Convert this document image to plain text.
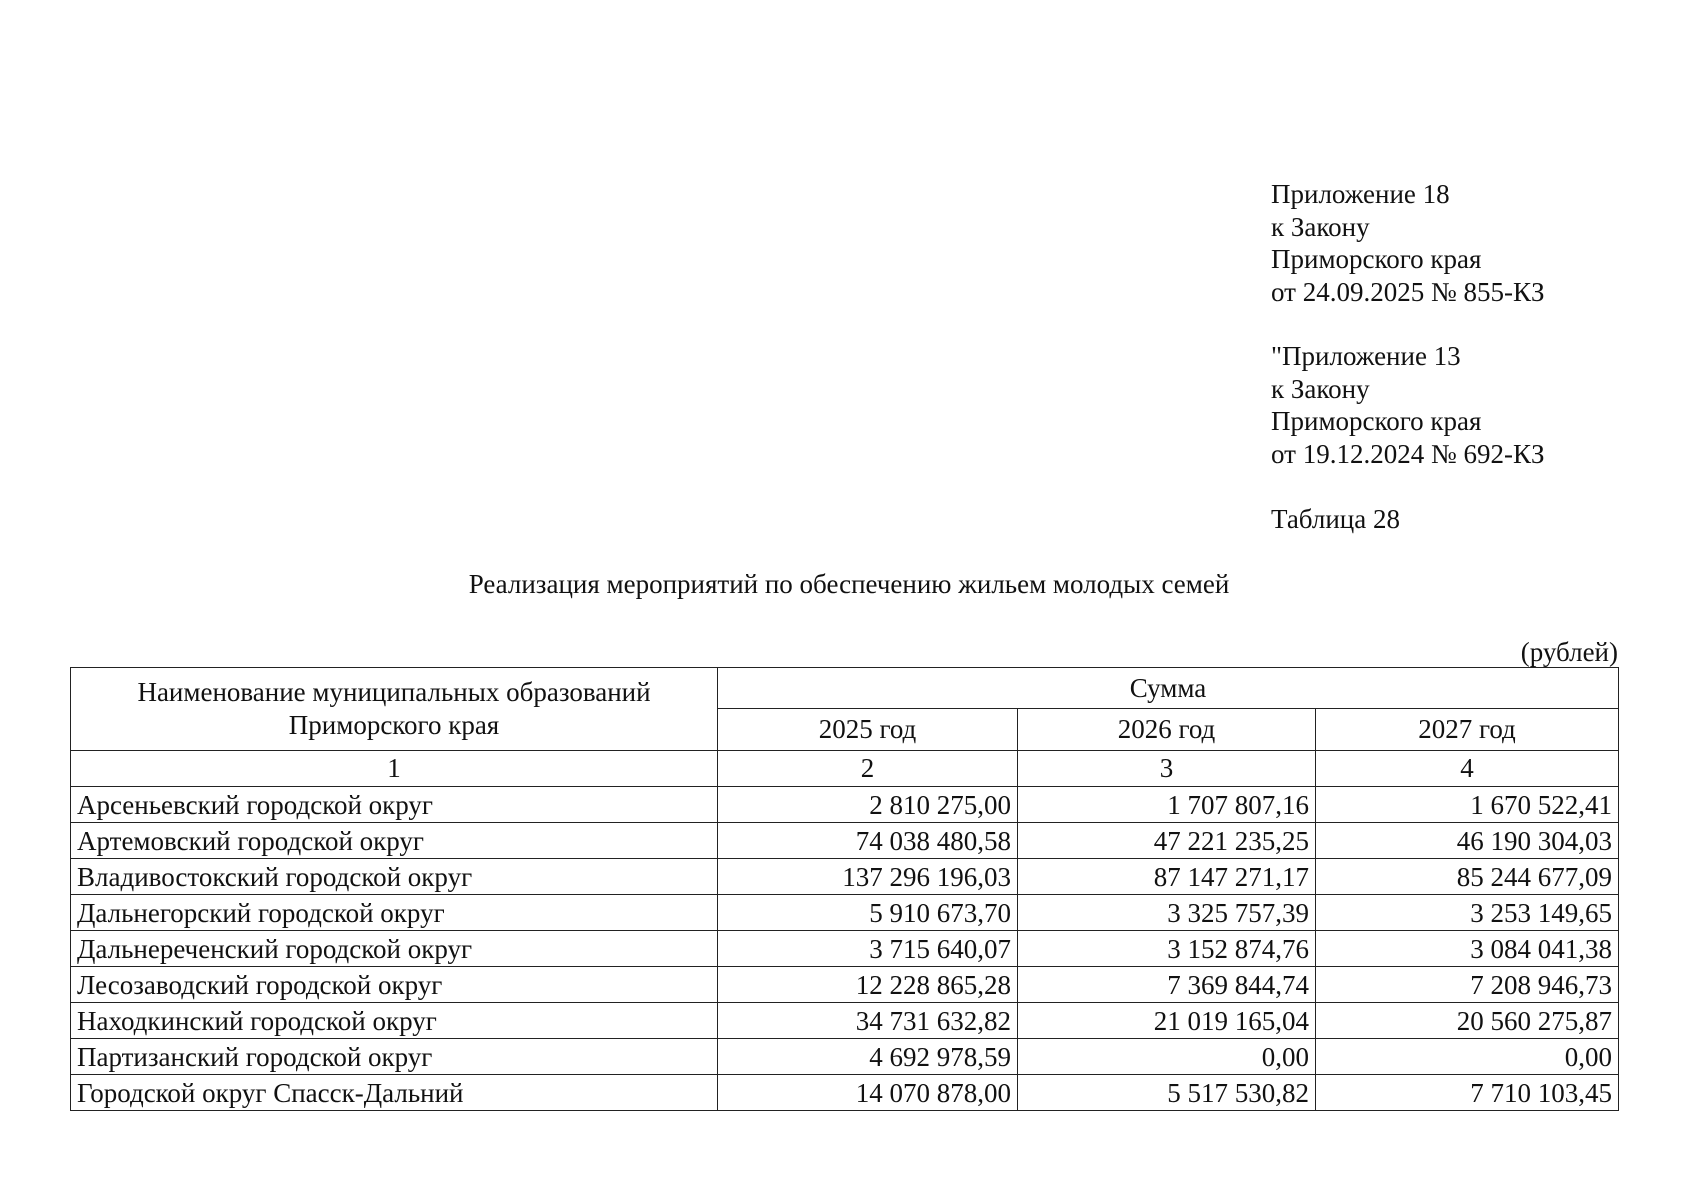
Приложение 18
к Закону
Приморского края
от 24.09.2025 № 855-КЗ
"Приложение 13
к Закону
Приморского края
от 19.12.2024 № 692-КЗ
Таблица 28
Реализация мероприятий по обеспечению жильем молодых семей
(рублей)
Наименование муниципальных образований
Приморского края	Сумма		
	2025 год	2026 год	2027 год
1	2	3	4
Арсеньевский городской округ	2 810 275,00	1 707 807,16	1 670 522,41
Артемовский городской округ	74 038 480,58	47 221 235,25	46 190 304,03
Владивостокский городской округ	137 296 196,03	87 147 271,17	85 244 677,09
Дальнегорский городской округ	5 910 673,70	3 325 757,39	3 253 149,65
Дальнереченский городской округ	3 715 640,07	3 152 874,76	3 084 041,38
Лесозаводский городской округ	12 228 865,28	7 369 844,74	7 208 946,73
Находкинский городской округ	34 731 632,82	21 019 165,04	20 560 275,87
Партизанский городской округ	4 692 978,59	0,00	0,00
Городской округ Спасск-Дальний	14 070 878,00	5 517 530,82	7 710 103,45
